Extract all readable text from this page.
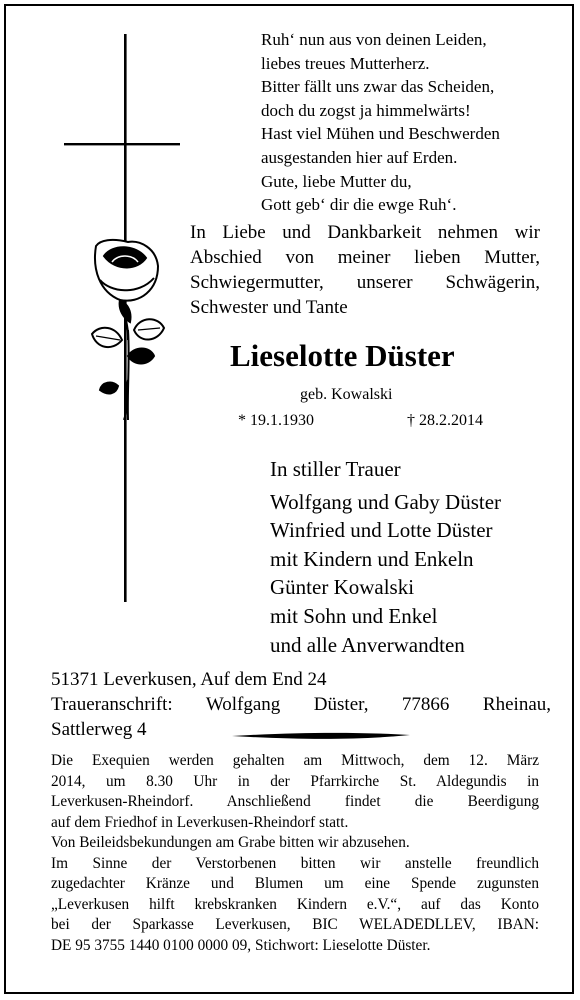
Ruh‘ nun aus von deinen Leiden,
liebes treues Mutterherz.
Bitter fällt uns zwar das Scheiden,
doch du zogst ja himmelwärts!
Hast viel Mühen und Beschwerden
ausgestanden hier auf Erden.
Gute, liebe Mutter du,
Gott geb‘ dir die ewge Ruh‘.
In Liebe und Dankbarkeit nehmen wir
Abschied von meiner lieben Mutter,
Schwiegermutter, unserer Schwägerin,
Schwester und Tante
Lieselotte Düster
geb. Kowalski
* 19.1.1930	† 28.2.2014
In stiller Trauer
Wolfgang und Gaby Düster
Winfried und Lotte Düster
mit Kindern und Enkeln
Günter Kowalski
mit Sohn und Enkel
und alle Anverwandten
51371 Leverkusen, Auf dem End 24
Traueranschrift: Wolfgang Düster, 77866 Rheinau,
Sattlerweg 4
Die Exequien werden gehalten am Mittwoch, dem 12. März
2014, um 8.30 Uhr in der Pfarrkirche St. Aldegundis in
Leverkusen-Rheindorf. Anschließend findet die Beerdigung
auf dem Friedhof in Leverkusen-Rheindorf statt.
Von Beileidsbekundungen am Grabe bitten wir abzusehen.
Im Sinne der Verstorbenen bitten wir anstelle freundlich
zugedachter Kränze und Blumen um eine Spende zugunsten
„Leverkusen hilft krebskranken Kindern e.V.“, auf das Konto
bei der Sparkasse Leverkusen, BIC WELADEDLLEV, IBAN:
DE 95 3755 1440 0100 0000 09, Stichwort: Lieselotte Düster.
